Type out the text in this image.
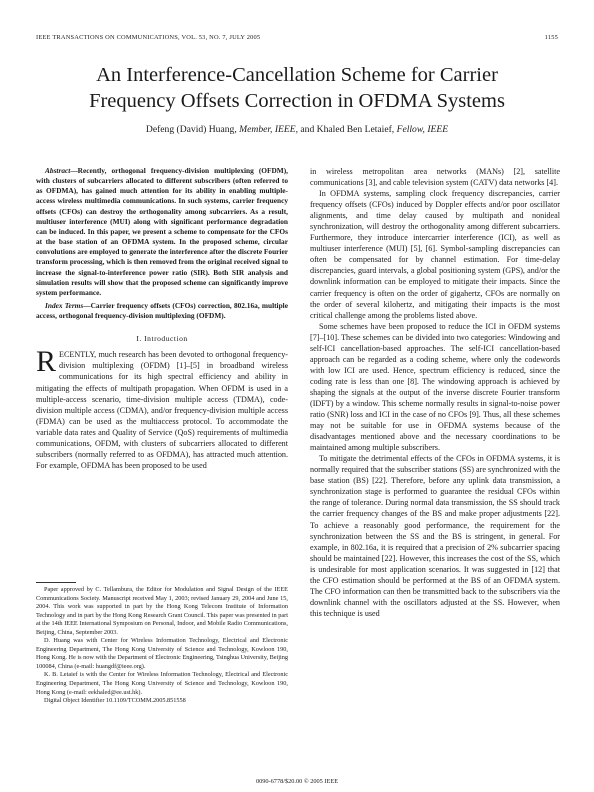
IEEE TRANSACTIONS ON COMMUNICATIONS, VOL. 53, NO. 7, JULY 2005	1155
An Interference-Cancellation Scheme for Carrier
Frequency Offsets Correction in OFDMA Systems
Defeng (David) Huang, Member, IEEE, and Khaled Ben Letaief, Fellow, IEEE

Abstract—Recently, orthogonal frequency-division multiplexing (OFDM), with clusters of subcarriers allocated to different subscribers (often referred to as OFDMA), has gained much attention for its ability in enabling multiple-access wireless multimedia communications. In such systems, carrier frequency offsets (CFOs) can destroy the orthogonality among subcarriers. As a result, multiuser interference (MUI) along with significant performance degradation can be induced. In this paper, we present a scheme to compensate for the CFOs at the base station of an OFDMA system. In the proposed scheme, circular convolutions are employed to generate the interference after the discrete Fourier transform processing, which is then removed from the original received signal to increase the signal-to-interference power ratio (SIR). Both SIR analysis and simulation results will show that the proposed scheme can significantly improve system performance.

Index Terms—Carrier frequency offsets (CFOs) correction, 802.16a, multiple access, orthogonal frequency-division multiplexing (OFDM).

I. Introduction

RECENTLY, much research has been devoted to orthogonal frequency-division multiplexing (OFDM) [1]–[5] in broadband wireless communications for its high spectral efficiency and ability in mitigating the effects of multipath propagation. When OFDM is used in a multiple-access scenario, time-division multiple access (TDMA), code-division multiple access (CDMA), and/or frequency-division multiple access (FDMA) can be used as the multiaccess protocol. To accommodate the variable data rates and Quality of Service (QoS) requirements of multimedia communications, OFDM, with clusters of subcarriers allocated to different subscribers (normally referred to as OFDMA), has attracted much attention. For example, OFDMA has been proposed to be used

Paper approved by C. Tellambura, the Editor for Modulation and Signal Design of the IEEE Communications Society. Manuscript received May 1, 2003; revised January 29, 2004 and June 15, 2004. This work was supported in part by the Hong Kong Telecom Institute of Information Technology and in part by the Hong Kong Research Grant Council. This paper was presented in part at the 14th IEEE International Symposium on Personal, Indoor, and Mobile Radio Communications, Beijing, China, September 2003.

D. Huang was with Center for Wireless Information Technology, Electrical and Electronic Engineering Department, The Hong Kong University of Science and Technology, Kowloon 190, Hong Kong. He is now with the Department of Electronic Engineering, Tsinghua University, Beijing 100084, China (e-mail: huangdf@ieee.org).

K. B. Letaief is with the Center for Wireless Information Technology, Electrical and Electronic Engineering Department, The Hong Kong University of Science and Technology, Kowloon 190, Hong Kong (e-mail: eekhaled@ee.ust.hk).

Digital Object Identifier 10.1109/TCOMM.2005.851558

in wireless metropolitan area networks (MANs) [2], satellite communications [3], and cable television system (CATV) data networks [4].

In OFDMA systems, sampling clock frequency discrepancies, carrier frequency offsets (CFOs) induced by Doppler effects and/or poor oscillator alignments, and time delay caused by multipath and nonideal synchronization, will destroy the orthogonality among different subcarriers. Furthermore, they introduce intercarrier interference (ICI), as well as multiuser interference (MUI) [5], [6]. Symbol-sampling discrepancies can often be compensated for by channel estimation. For time-delay discrepancies, guard intervals, a global positioning system (GPS), and/or the downlink information can be employed to mitigate their impacts. Since the carrier frequency is often on the order of gigahertz, CFOs are normally on the order of several kilohertz, and mitigating their impacts is the most critical challenge among the problems listed above.

Some schemes have been proposed to reduce the ICI in OFDM systems [7]–[10]. These schemes can be divided into two categories: Windowing and self-ICI cancellation-based approaches. The self-ICI cancellation-based approach can be regarded as a coding scheme, where only the codewords with low ICI are used. Hence, spectrum efficiency is reduced, since the coding rate is less than one [8]. The windowing approach is achieved by shaping the signals at the output of the inverse discrete Fourier transform (IDFT) by a window. This scheme normally results in signal-to-noise power ratio (SNR) loss and ICI in the case of no CFOs [9]. Thus, all these schemes may not be suitable for use in OFDMA systems because of the disadvantages mentioned above and the necessary coordinations to be maintained among multiple subscribers.

To mitigate the detrimental effects of the CFOs in OFDMA systems, it is normally required that the subscriber stations (SS) are synchronized with the base station (BS) [22]. Therefore, before any uplink data transmission, a synchronization stage is performed to guarantee the residual CFOs within the range of tolerance. During normal data transmission, the SS should track the carrier frequency changes of the BS and make proper adjustments [22]. To achieve a reasonably good performance, the requirement for the synchronization between the SS and the BS is stringent, in general. For example, in 802.16a, it is required that a precision of 2% subcarrier spacing should be maintained [22]. However, this increases the cost of the SS, which is undesirable for most application scenarios. It was suggested in [12] that the CFO estimation should be performed at the BS of an OFDMA system. The CFO information can then be transmitted back to the subscribers via the downlink channel with the oscillators adjusted at the SS. However, when this technique is used

0090-6778/$20.00 © 2005 IEEE
